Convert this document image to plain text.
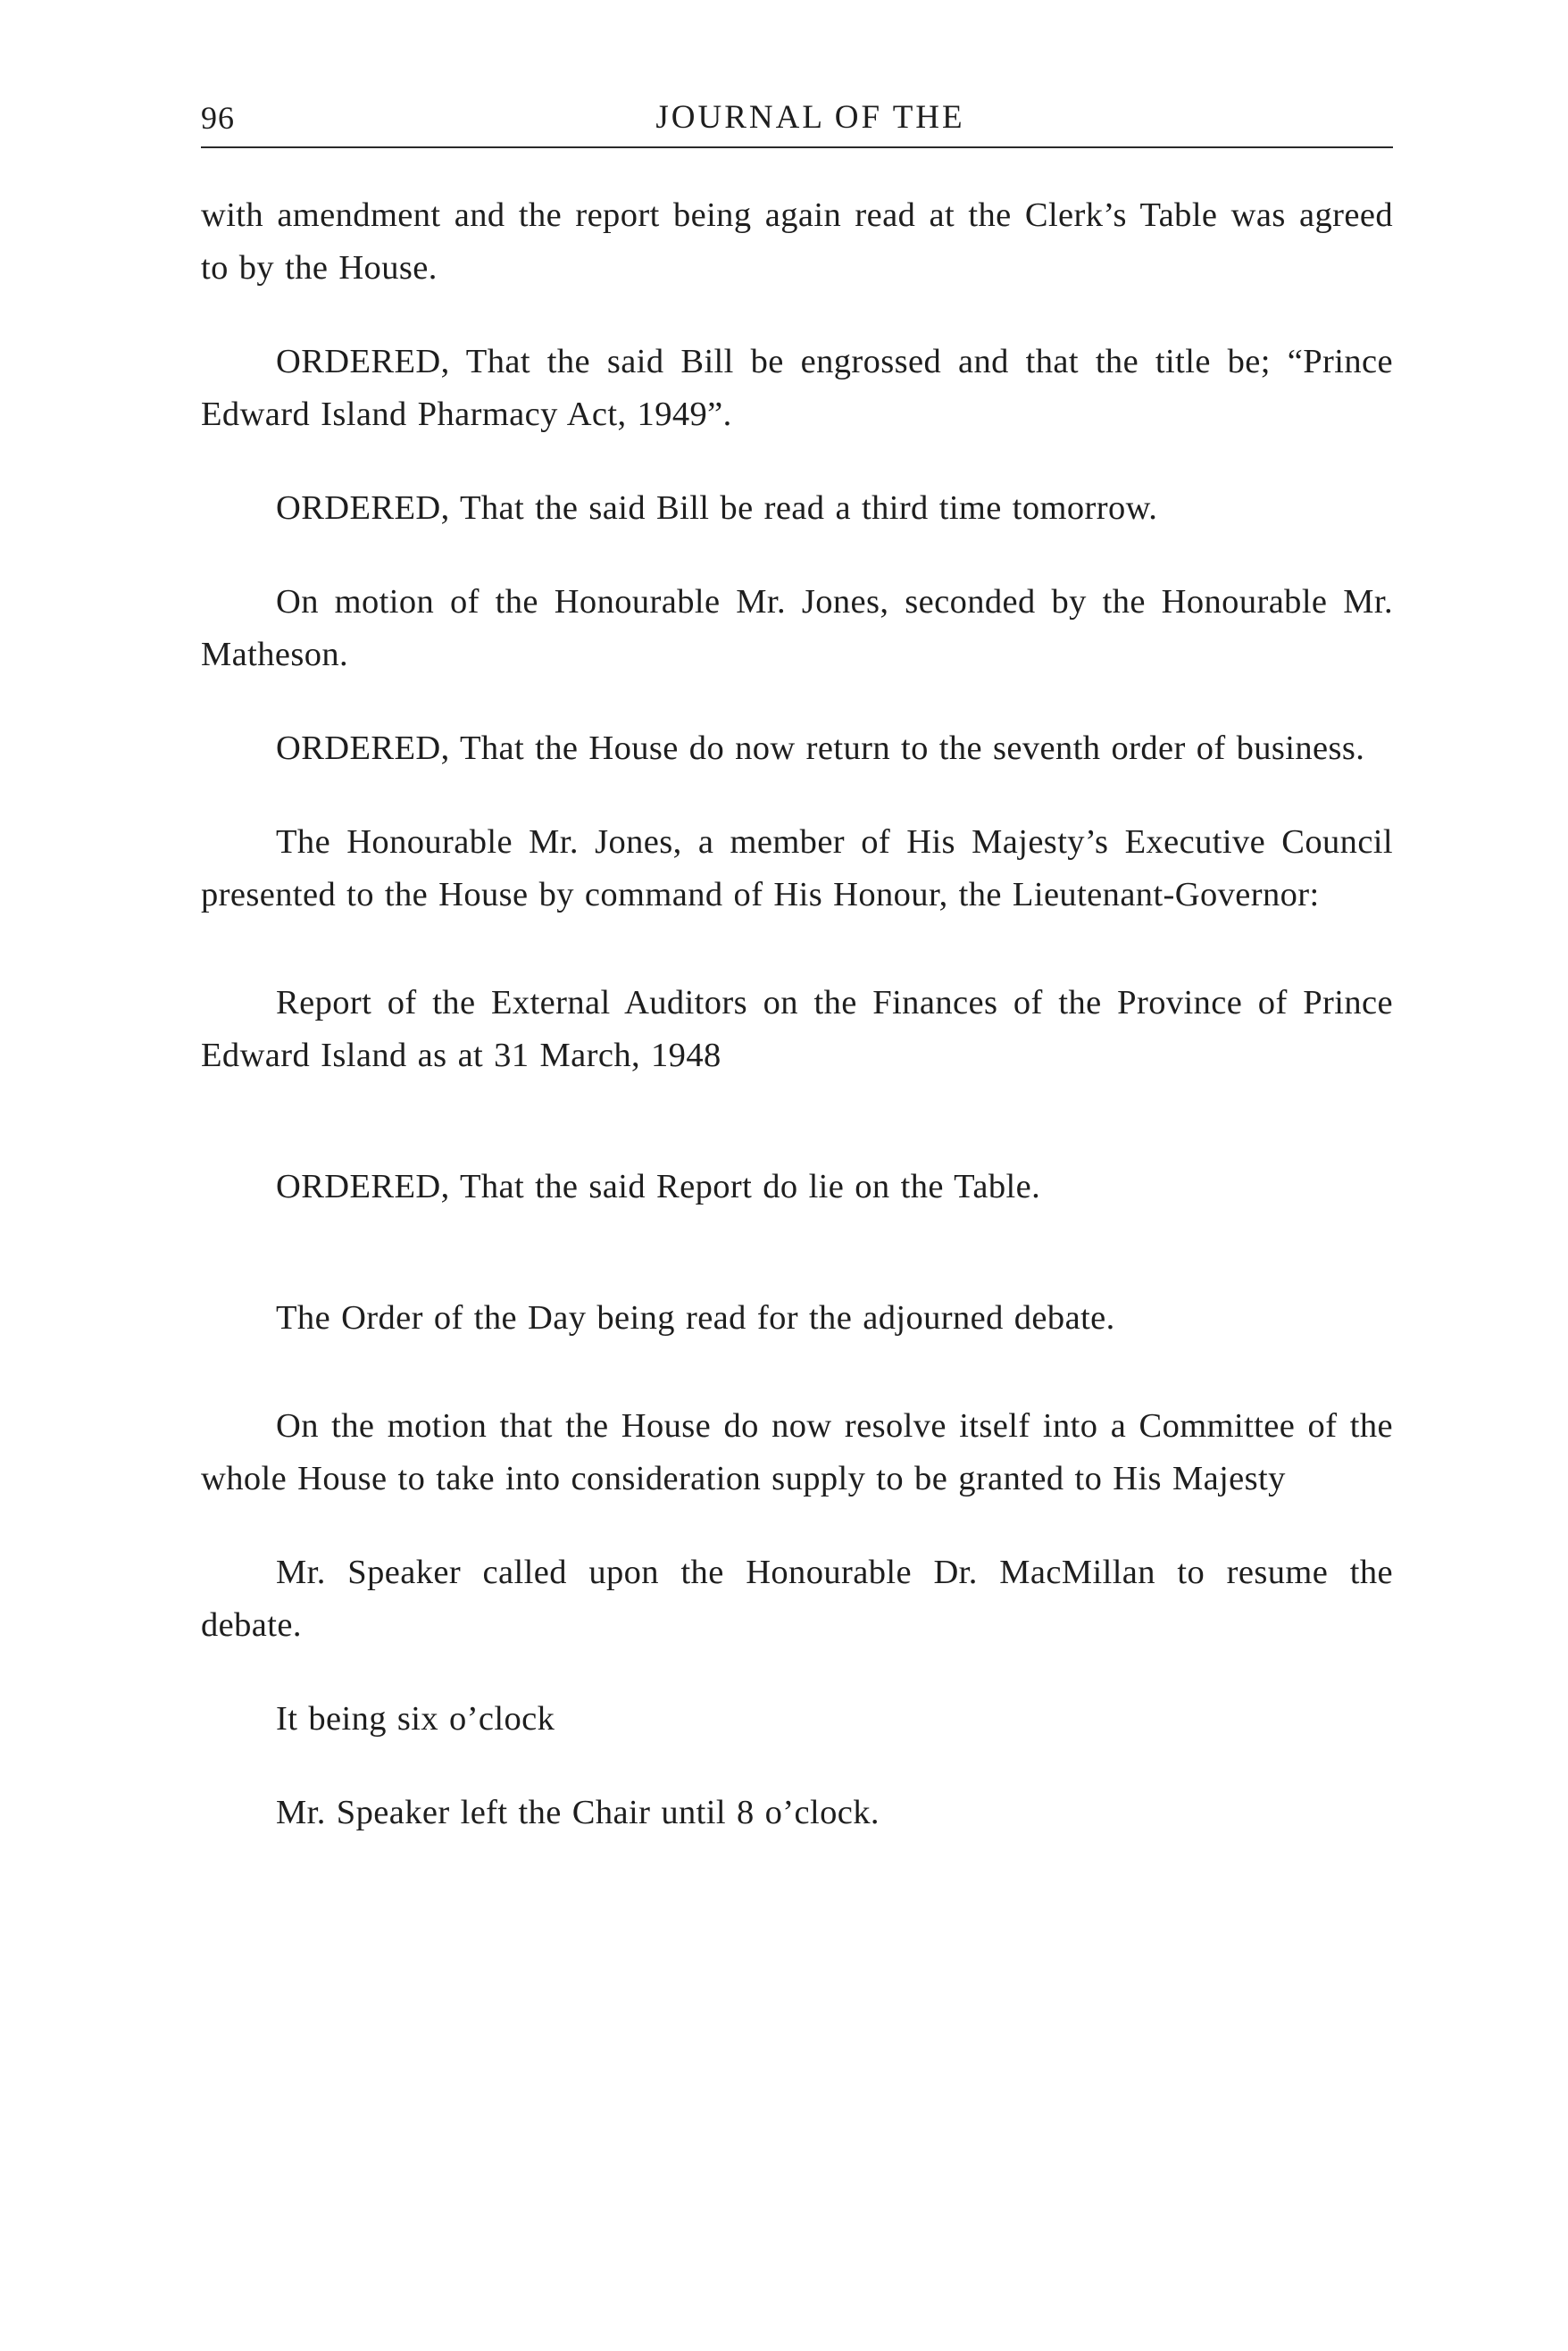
96	JOURNAL OF THE

with amendment and the report being again read at the Clerk’s Table was agreed to by the House.

ORDERED, That the said Bill be engrossed and that the title be; “Prince Edward Island Pharmacy Act, 1949”.

ORDERED, That the said Bill be read a third time tomorrow.

On motion of the Honourable Mr. Jones, seconded by the Honourable Mr. Matheson.

ORDERED, That the House do now return to the seventh order of business.

The Honourable Mr. Jones, a member of His Majesty’s Executive Council presented to the House by command of His Honour, the Lieutenant-Governor:

Report of the External Auditors on the Finances of the Province of Prince Edward Island as at 31 March, 1948

ORDERED, That the said Report do lie on the Table.

The Order of the Day being read for the adjourned debate.

On the motion that the House do now resolve itself into a Committee of the whole House to take into consideration supply to be granted to His Majesty

Mr. Speaker called upon the Honourable Dr. MacMillan to resume the debate.

It being six o’clock

Mr. Speaker left the Chair until 8 o’clock.
